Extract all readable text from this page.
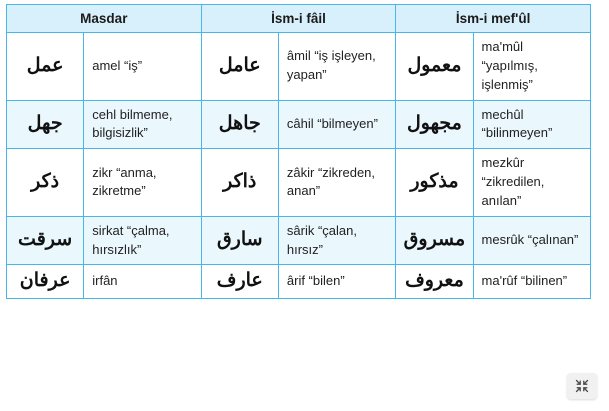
Masdar		İsm-i fâil		İsm-i mef'ûl	
عمل	amel “iş”	عامل	âmil “iş işleyen, yapan”	معمول	ma'mûl “yapılmış, işlenmiş”
جهل	cehl bilmeme, bilgisizlik”	جاهل	câhil “bilmeyen”	مجهول	mechûl “bilinmeyen”
ذكر	zikr “anma, zikretme”	ذاكر	zâkir “zikreden, anan”	مذكور	mezkûr “zikredilen, anılan”
سرقت	sirkat “çalma, hırsızlık”	سارق	sârik “çalan, hırsız”	مسروق	mesrûk “çalınan”
عرفان	irfân	عارف	ârif “bilen”	معروف	ma'rûf “bilinen”
